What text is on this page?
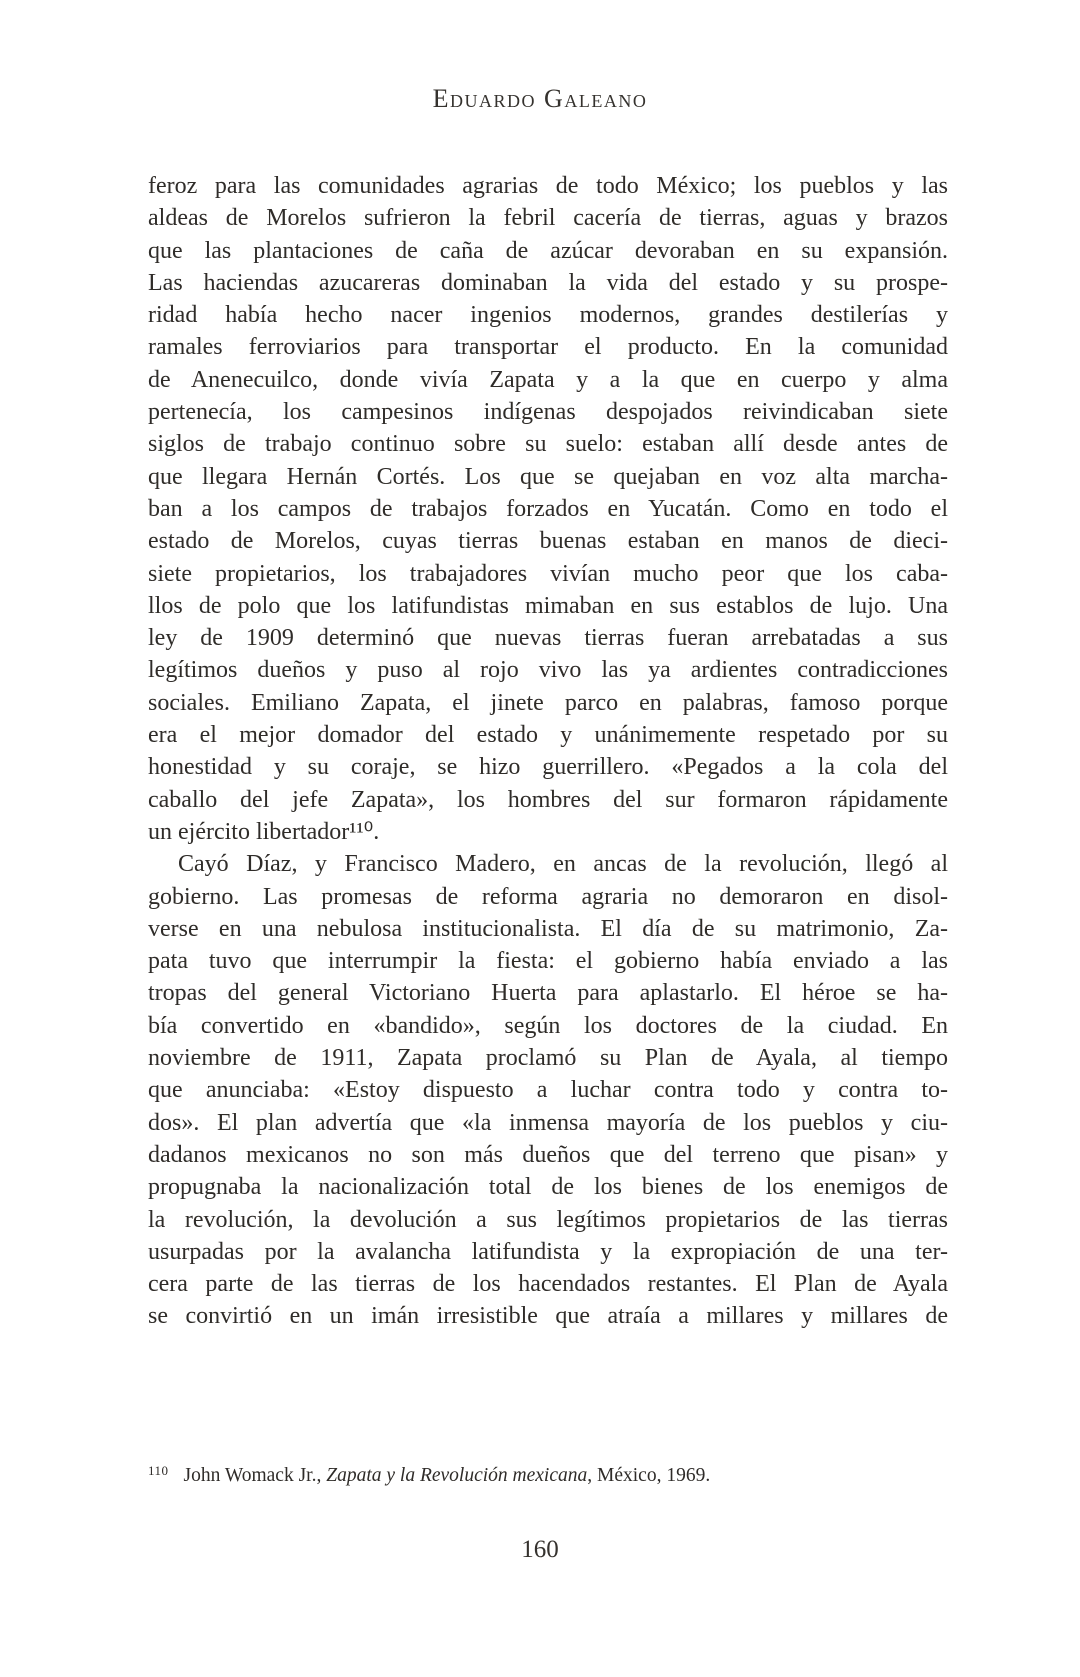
Eduardo Galeano
feroz para las comunidades agrarias de todo México; los pueblos y las
aldeas de Morelos sufrieron la febril cacería de tierras, aguas y brazos
que las plantaciones de caña de azúcar devoraban en su expansión.
Las haciendas azucareras dominaban la vida del estado y su prospe-
ridad había hecho nacer ingenios modernos, grandes destilerías y
ramales ferroviarios para transportar el producto. En la comunidad
de Anenecuilco, donde vivía Zapata y a la que en cuerpo y alma
pertenecía, los campesinos indígenas despojados reivindicaban siete
siglos de trabajo continuo sobre su suelo: estaban allí desde antes de
que llegara Hernán Cortés. Los que se quejaban en voz alta marcha-
ban a los campos de trabajos forzados en Yucatán. Como en todo el
estado de Morelos, cuyas tierras buenas estaban en manos de dieci-
siete propietarios, los trabajadores vivían mucho peor que los caba-
llos de polo que los latifundistas mimaban en sus establos de lujo. Una
ley de 1909 determinó que nuevas tierras fueran arrebatadas a sus
legítimos dueños y puso al rojo vivo las ya ardientes contradicciones
sociales. Emiliano Zapata, el jinete parco en palabras, famoso porque
era el mejor domador del estado y unánimemente respetado por su
honestidad y su coraje, se hizo guerrillero. «Pegados a la cola del
caballo del jefe Zapata», los hombres del sur formaron rápidamente
un ejército libertador¹¹⁰.
Cayó Díaz, y Francisco Madero, en ancas de la revolución, llegó al
gobierno. Las promesas de reforma agraria no demoraron en disol-
verse en una nebulosa institucionalista. El día de su matrimonio, Za-
pata tuvo que interrumpir la fiesta: el gobierno había enviado a las
tropas del general Victoriano Huerta para aplastarlo. El héroe se ha-
bía convertido en «bandido», según los doctores de la ciudad. En
noviembre de 1911, Zapata proclamó su Plan de Ayala, al tiempo
que anunciaba: «Estoy dispuesto a luchar contra todo y contra to-
dos». El plan advertía que «la inmensa mayoría de los pueblos y ciu-
dadanos mexicanos no son más dueños que del terreno que pisan» y
propugnaba la nacionalización total de los bienes de los enemigos de
la revolución, la devolución a sus legítimos propietarios de las tierras
usurpadas por la avalancha latifundista y la expropiación de una ter-
cera parte de las tierras de los hacendados restantes. El Plan de Ayala
se convirtió en un imán irresistible que atraía a millares y millares de
110 John Womack Jr., Zapata y la Revolución mexicana, México, 1969.
160
